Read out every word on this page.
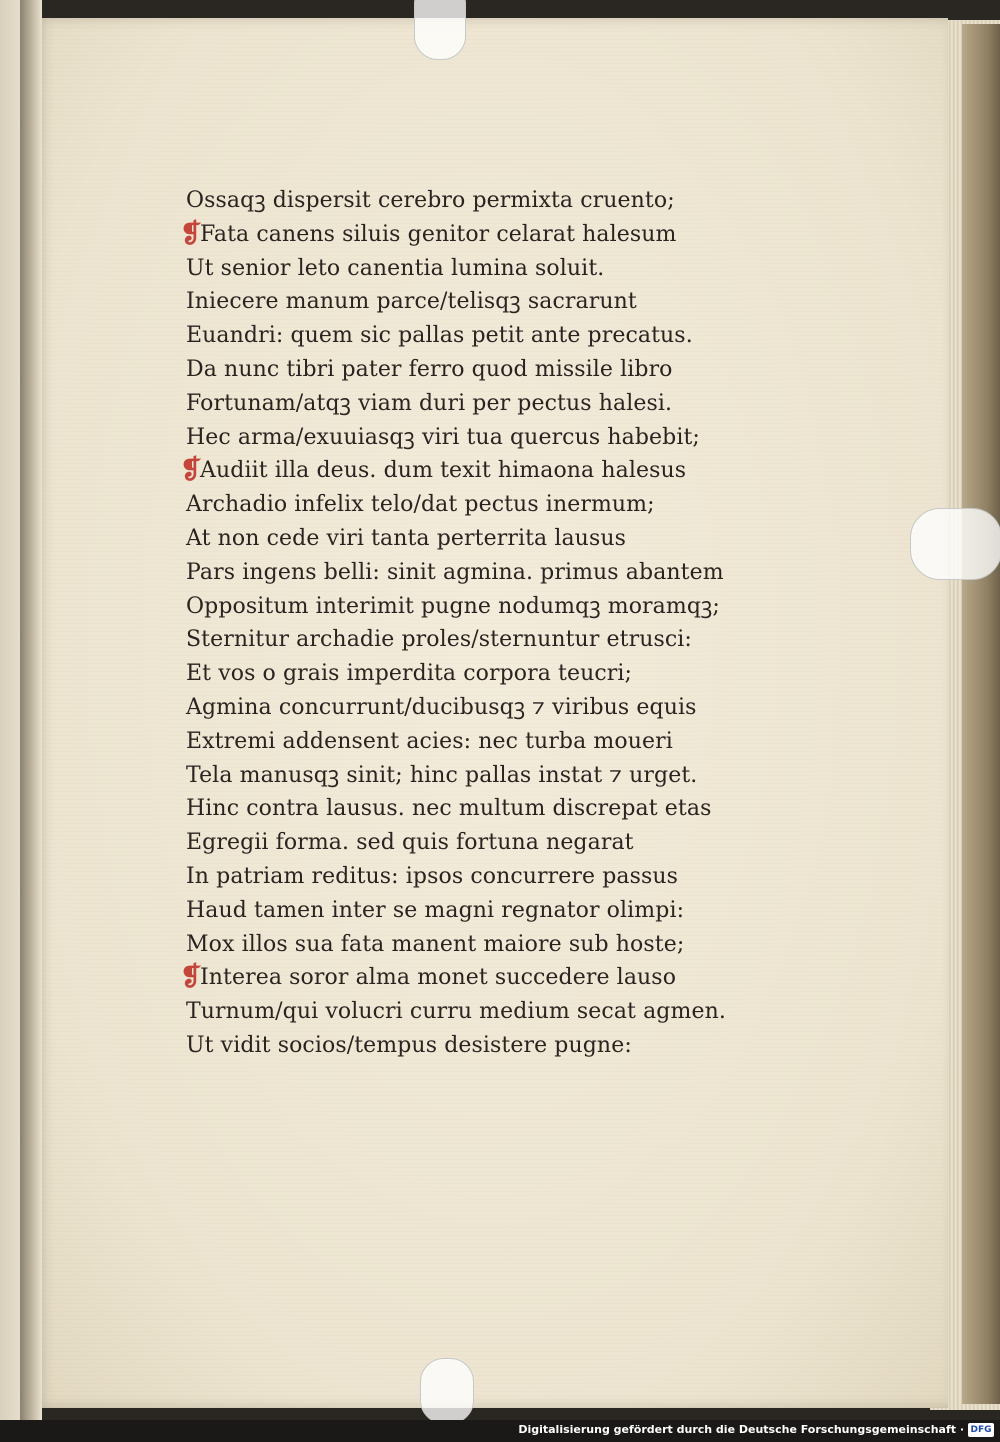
Ossaqꝫ dispersit cerebro permixta cruento;
❡
Fata canens siluis genitor celarat halesum
Ut senior leto canentia lumina soluit.
Iniecere manum parce/telisqꝫ sacrarunt
Euandri: quem sic pallas petit ante precatus.
Da nunc tibri pater ferro quod missile libro
Fortunam/atqꝫ viam duri per pectus halesi.
Hec arma/exuuiasqꝫ viri tua quercus habebit;
❡
Audiit illa deus. dum texit himaona halesus
Archadio infelix telo/dat pectus inermum;
At non cede viri tanta perterrita lausus
Pars ingens belli: sinit agmina. primus abantem
Oppositum interimit pugne nodumqꝫ moramqꝫ;
Sternitur archadie proles/sternuntur etrusci:
Et vos o grais imperdita corpora teucri;
Agmina concurrunt/ducibusqꝫ ⁊ viribus equis
Extremi addensent acies: nec turba moueri
Tela manusqꝫ sinit; hinc pallas instat ⁊ urget.
Hinc contra lausus. nec multum discrepat etas
Egregii forma. sed quis fortuna negarat
In patriam reditus: ipsos concurrere passus
Haud tamen inter se magni regnator olimpi:
Mox illos sua fata manent maiore sub hoste;
❡
Interea soror alma monet succedere lauso
Turnum/qui volucri curru medium secat agmen.
Ut vidit socios/tempus desistere pugne:
Digitalisierung gefördert durch die Deutsche Forschungsgemeinschaft · DFG
